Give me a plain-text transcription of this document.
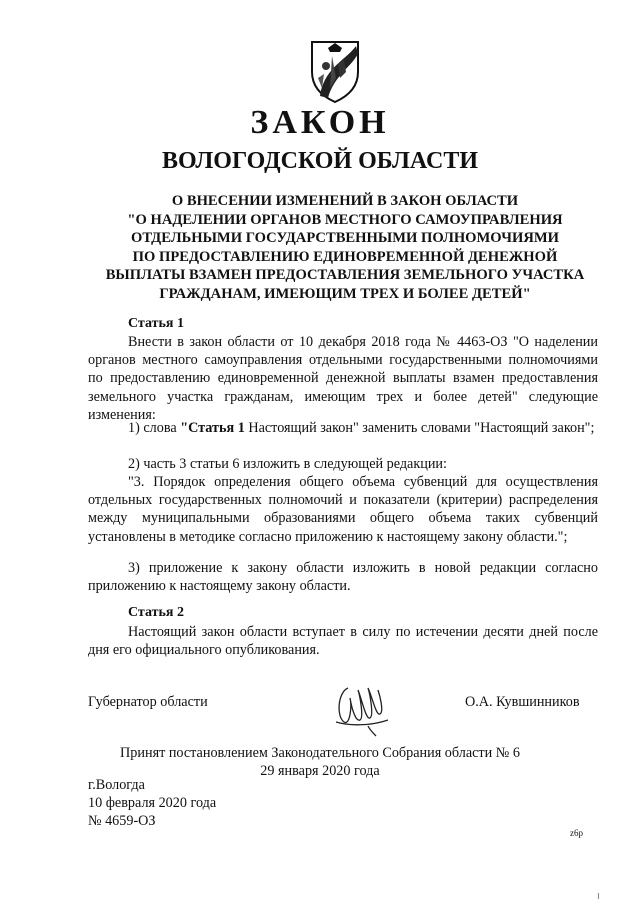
ЗАКОН
ВОЛОГОДСКОЙ ОБЛАСТИ
О ВНЕСЕНИИ ИЗМЕНЕНИЙ В ЗАКОН ОБЛАСТИ
"О НАДЕЛЕНИИ ОРГАНОВ МЕСТНОГО САМОУПРАВЛЕНИЯ
ОТДЕЛЬНЫМИ ГОСУДАРСТВЕННЫМИ ПОЛНОМОЧИЯМИ
ПО ПРЕДОСТАВЛЕНИЮ ЕДИНОВРЕМЕННОЙ ДЕНЕЖНОЙ
ВЫПЛАТЫ ВЗАМЕН ПРЕДОСТАВЛЕНИЯ ЗЕМЕЛЬНОГО УЧАСТКА
ГРАЖДАНАМ, ИМЕЮЩИМ ТРЕХ И БОЛЕЕ ДЕТЕЙ"
Статья 1
Внести в закон области от 10 декабря 2018 года № 4463-ОЗ "О наделении органов местного самоуправления отдельными государственными полномочиями по предоставлению единовременной денежной выплаты взамен предоставления земельного участка гражданам, имеющим трех и более детей" следующие изменения:
1) слова "Статья 1 Настоящий закон" заменить словами "Настоящий закон";
2) часть 3 статьи 6 изложить в следующей редакции:
"3. Порядок определения общего объема субвенций для осуществления отдельных государственных полномочий и показатели (критерии) распределения между муниципальными образованиями общего объема таких субвенций установлены в методике согласно приложению к настоящему закону области.";
3) приложение к закону области изложить в новой редакции согласно приложению к настоящему закону области.
Статья 2
Настоящий закон области вступает в силу по истечении десяти дней после дня его официального опубликования.
Губернатор области	О.А. Кувшинников
Принят постановлением Законодательного Собрания области № 6
29 января 2020 года
г.Вологда
10 февраля 2020 года
№ 4659-ОЗ
z6p
